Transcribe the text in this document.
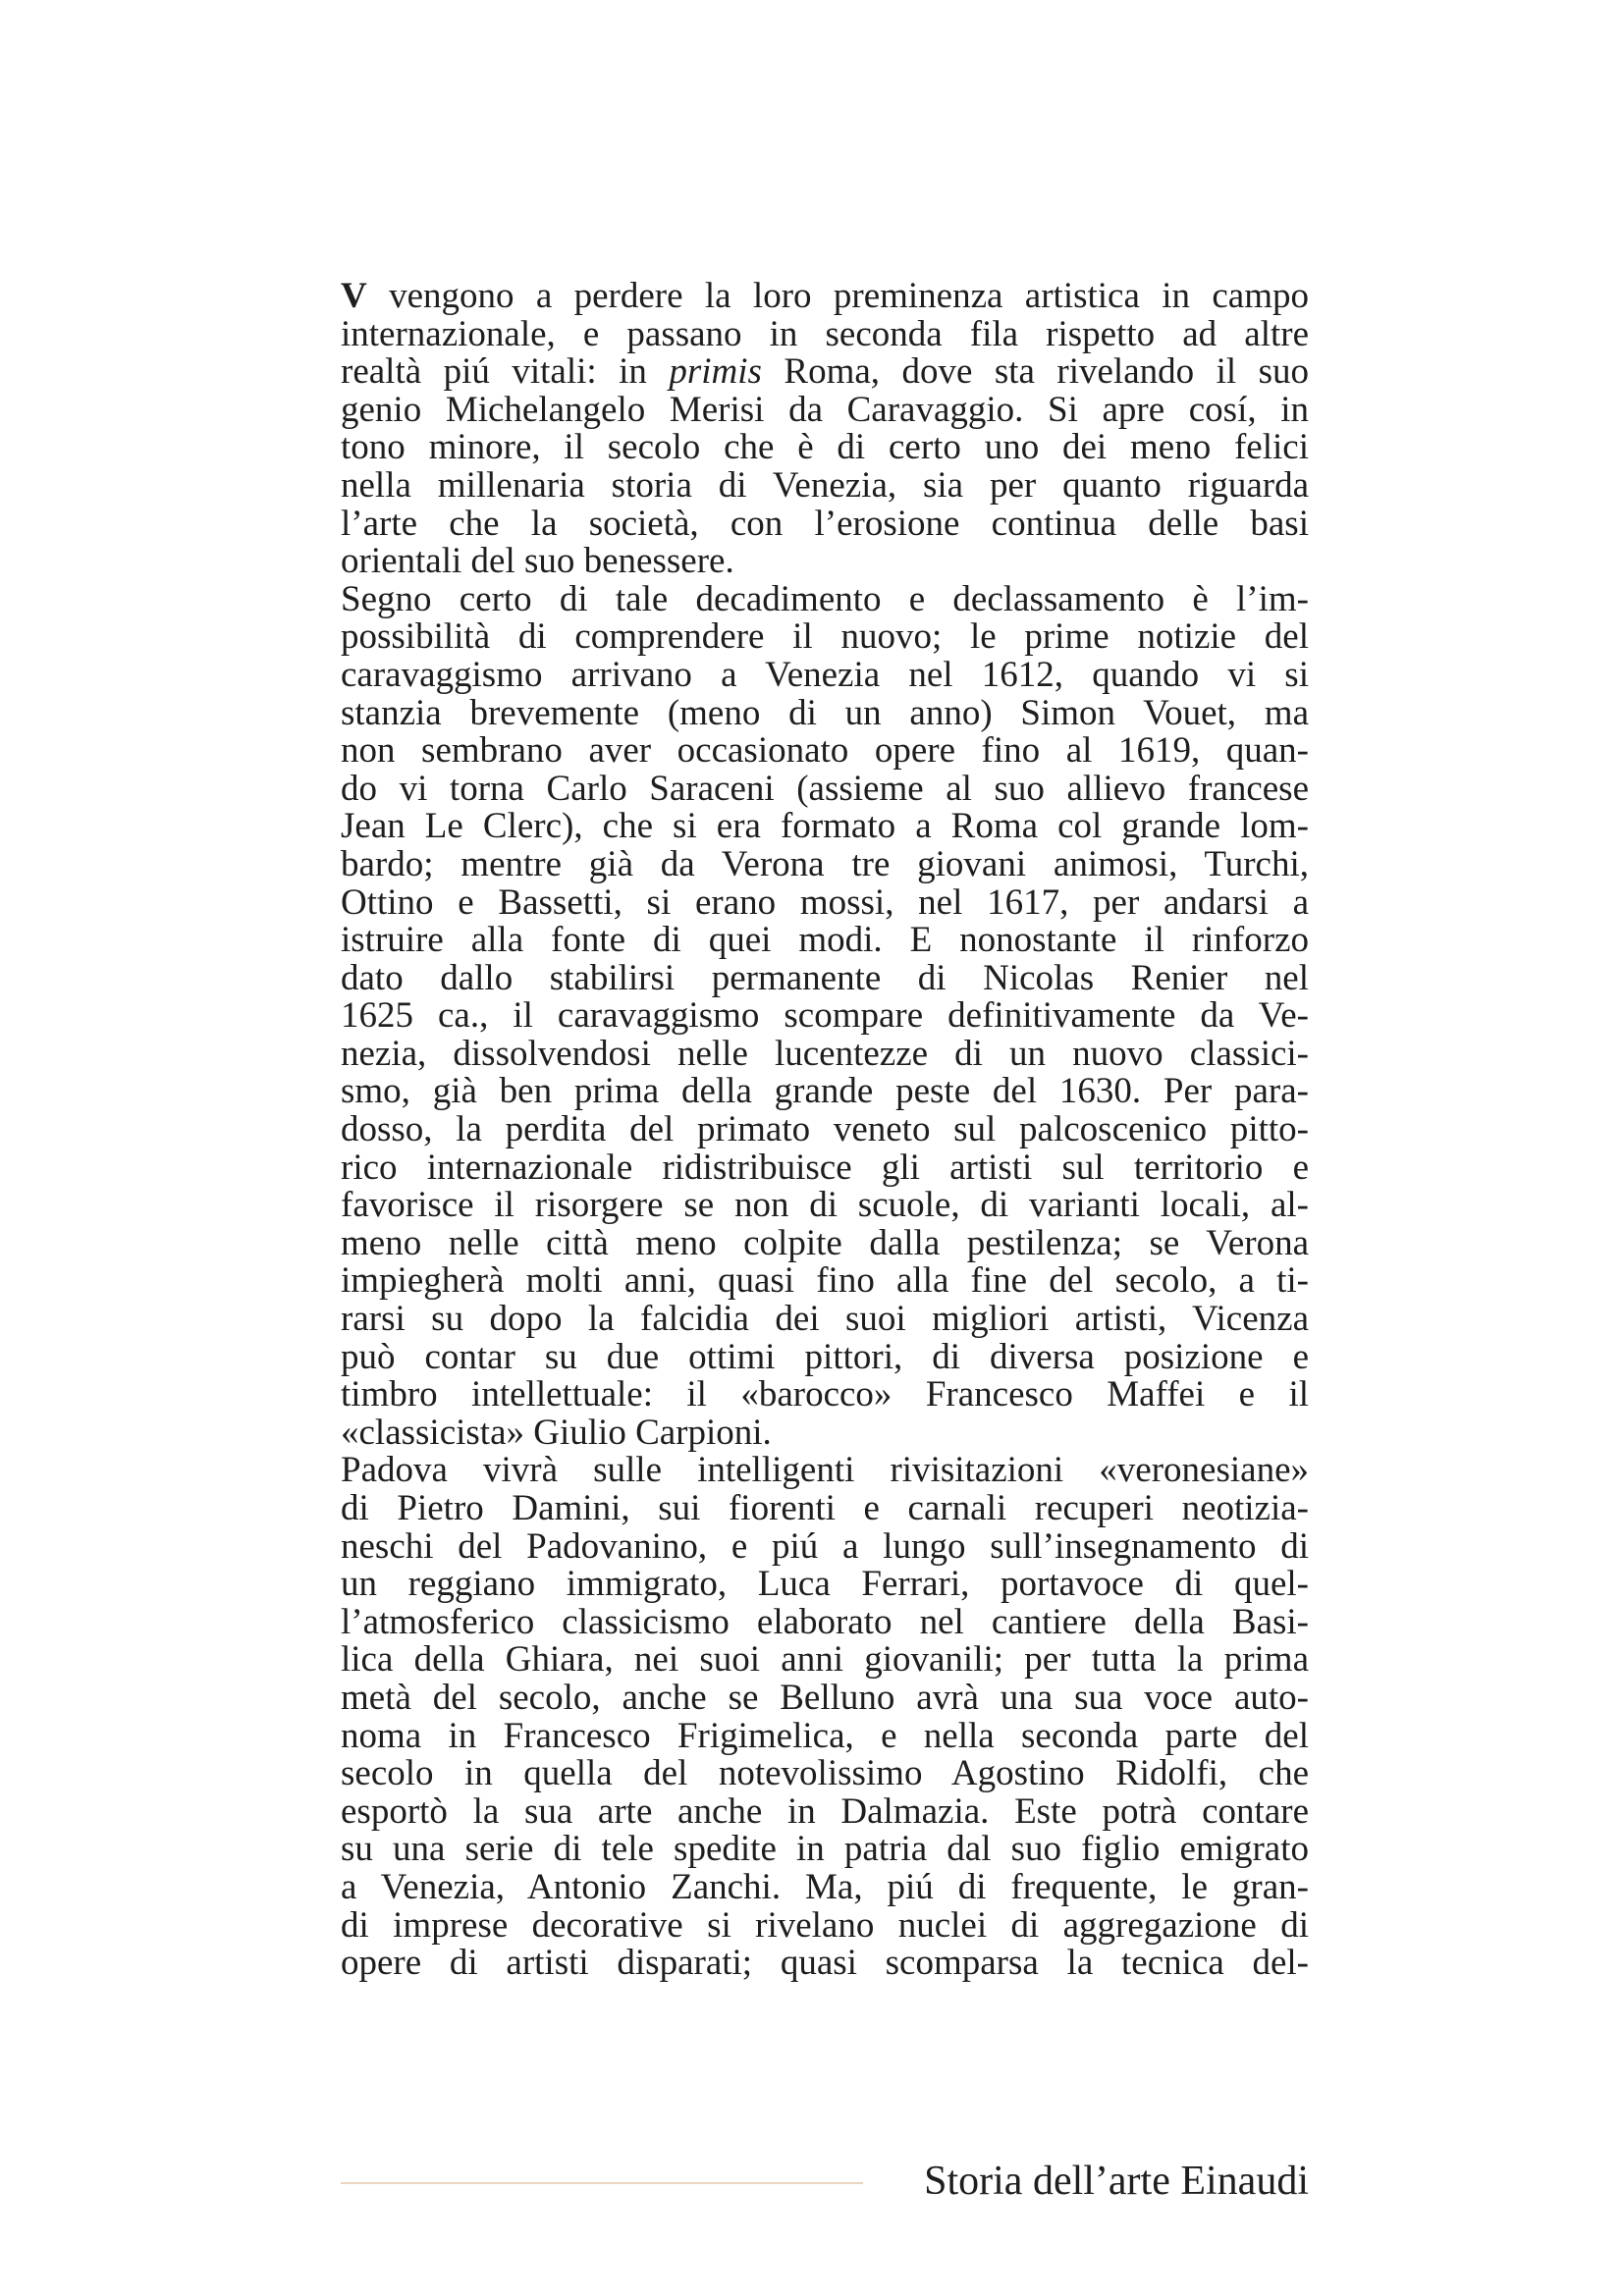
V vengono a perdere la loro preminenza artistica in campo
internazionale, e passano in seconda fila rispetto ad altre
realtà piú vitali: in primis Roma, dove sta rivelando il suo
genio Michelangelo Merisi da Caravaggio. Si apre cosí, in
tono minore, il secolo che è di certo uno dei meno felici
nella millenaria storia di Venezia, sia per quanto riguarda
l’arte che la società, con l’erosione continua delle basi
orientali del suo benessere.
Segno certo di tale decadimento e declassamento è l’im-
possibilità di comprendere il nuovo; le prime notizie del
caravaggismo arrivano a Venezia nel 1612, quando vi si
stanzia brevemente (meno di un anno) Simon Vouet, ma
non sembrano aver occasionato opere fino al 1619, quan-
do vi torna Carlo Saraceni (assieme al suo allievo francese
Jean Le Clerc), che si era formato a Roma col grande lom-
bardo; mentre già da Verona tre giovani animosi, Turchi,
Ottino e Bassetti, si erano mossi, nel 1617, per andarsi a
istruire alla fonte di quei modi. E nonostante il rinforzo
dato dallo stabilirsi permanente di Nicolas Renier nel
1625 ca., il caravaggismo scompare definitivamente da Ve-
nezia, dissolvendosi nelle lucentezze di un nuovo classici-
smo, già ben prima della grande peste del 1630. Per para-
dosso, la perdita del primato veneto sul palcoscenico pitto-
rico internazionale ridistribuisce gli artisti sul territorio e
favorisce il risorgere se non di scuole, di varianti locali, al-
meno nelle città meno colpite dalla pestilenza; se Verona
impiegherà molti anni, quasi fino alla fine del secolo, a ti-
rarsi su dopo la falcidia dei suoi migliori artisti, Vicenza
può contar su due ottimi pittori, di diversa posizione e
timbro intellettuale: il «barocco» Francesco Maffei e il
«classicista» Giulio Carpioni.
Padova vivrà sulle intelligenti rivisitazioni «veronesiane»
di Pietro Damini, sui fiorenti e carnali recuperi neotizia-
neschi del Padovanino, e piú a lungo sull’insegnamento di
un reggiano immigrato, Luca Ferrari, portavoce di quel-
l’atmosferico classicismo elaborato nel cantiere della Basi-
lica della Ghiara, nei suoi anni giovanili; per tutta la prima
metà del secolo, anche se Belluno avrà una sua voce auto-
noma in Francesco Frigimelica, e nella seconda parte del
secolo in quella del notevolissimo Agostino Ridolfi, che
esportò la sua arte anche in Dalmazia. Este potrà contare
su una serie di tele spedite in patria dal suo figlio emigrato
a Venezia, Antonio Zanchi. Ma, piú di frequente, le gran-
di imprese decorative si rivelano nuclei di aggregazione di
opere di artisti disparati; quasi scomparsa la tecnica del-
Storia dell’arte Einaudi
